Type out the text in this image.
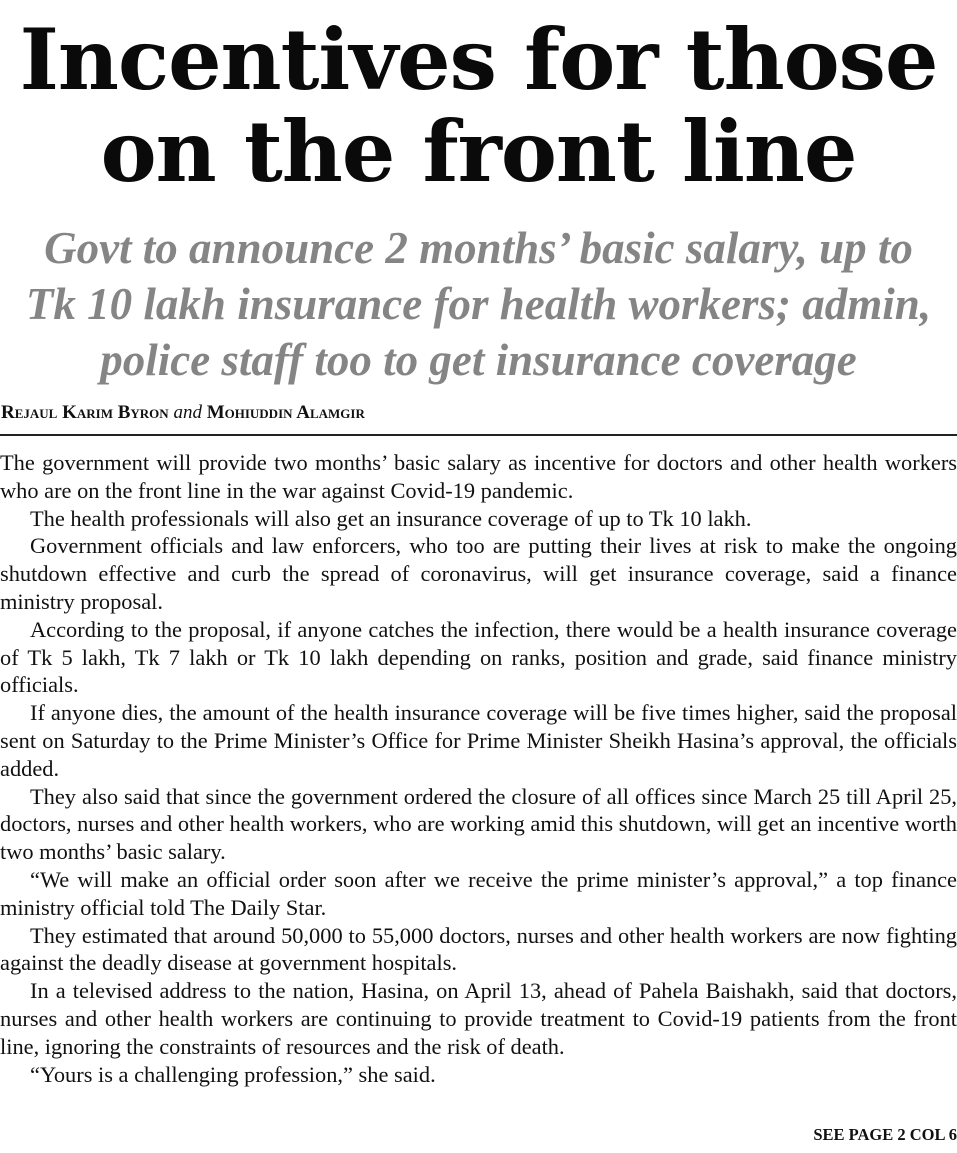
Incentives for those
on the front line
Govt to announce 2 months’ basic salary, up to
Tk 10 lakh insurance for health workers; admin,
police staff too to get insurance coverage
Rejaul Karim Byron and Mohiuddin Alamgir

The government will provide two months’ basic salary as incentive for doctors and other health workers who are on the front line in the war against Covid-19 pandemic.

The health professionals will also get an insurance coverage of up to Tk 10 lakh.

Government officials and law enforcers, who too are putting their lives at risk to make the ongoing shutdown effective and curb the spread of coronavirus, will get insurance coverage, said a finance ministry proposal.

According to the proposal, if anyone catches the infection, there would be a health insurance coverage of Tk 5 lakh, Tk 7 lakh or Tk 10 lakh depending on ranks, position and grade, said finance ministry officials.

If anyone dies, the amount of the health insurance coverage will be five times higher, said the proposal sent on Saturday to the Prime Minister’s Office for Prime Minister Sheikh Hasina’s approval, the officials added.

They also said that since the government ordered the closure of all offices since March 25 till April 25, doctors, nurses and other health workers, who are working amid this shutdown, will get an incentive worth two months’ basic salary.

“We will make an official order soon after we receive the prime minister’s approval,” a top finance ministry official told The Daily Star.

They estimated that around 50,000 to 55,000 doctors, nurses and other health workers are now fighting against the deadly disease at government hospitals.

In a televised address to the nation, Hasina, on April 13, ahead of Pahela Baishakh, said that doctors, nurses and other health workers are continuing to provide treatment to Covid-19 patients from the front line, ignoring the constraints of resources and the risk of death.

“Yours is a challenging profession,” she said.

SEE PAGE 2 COL 6
